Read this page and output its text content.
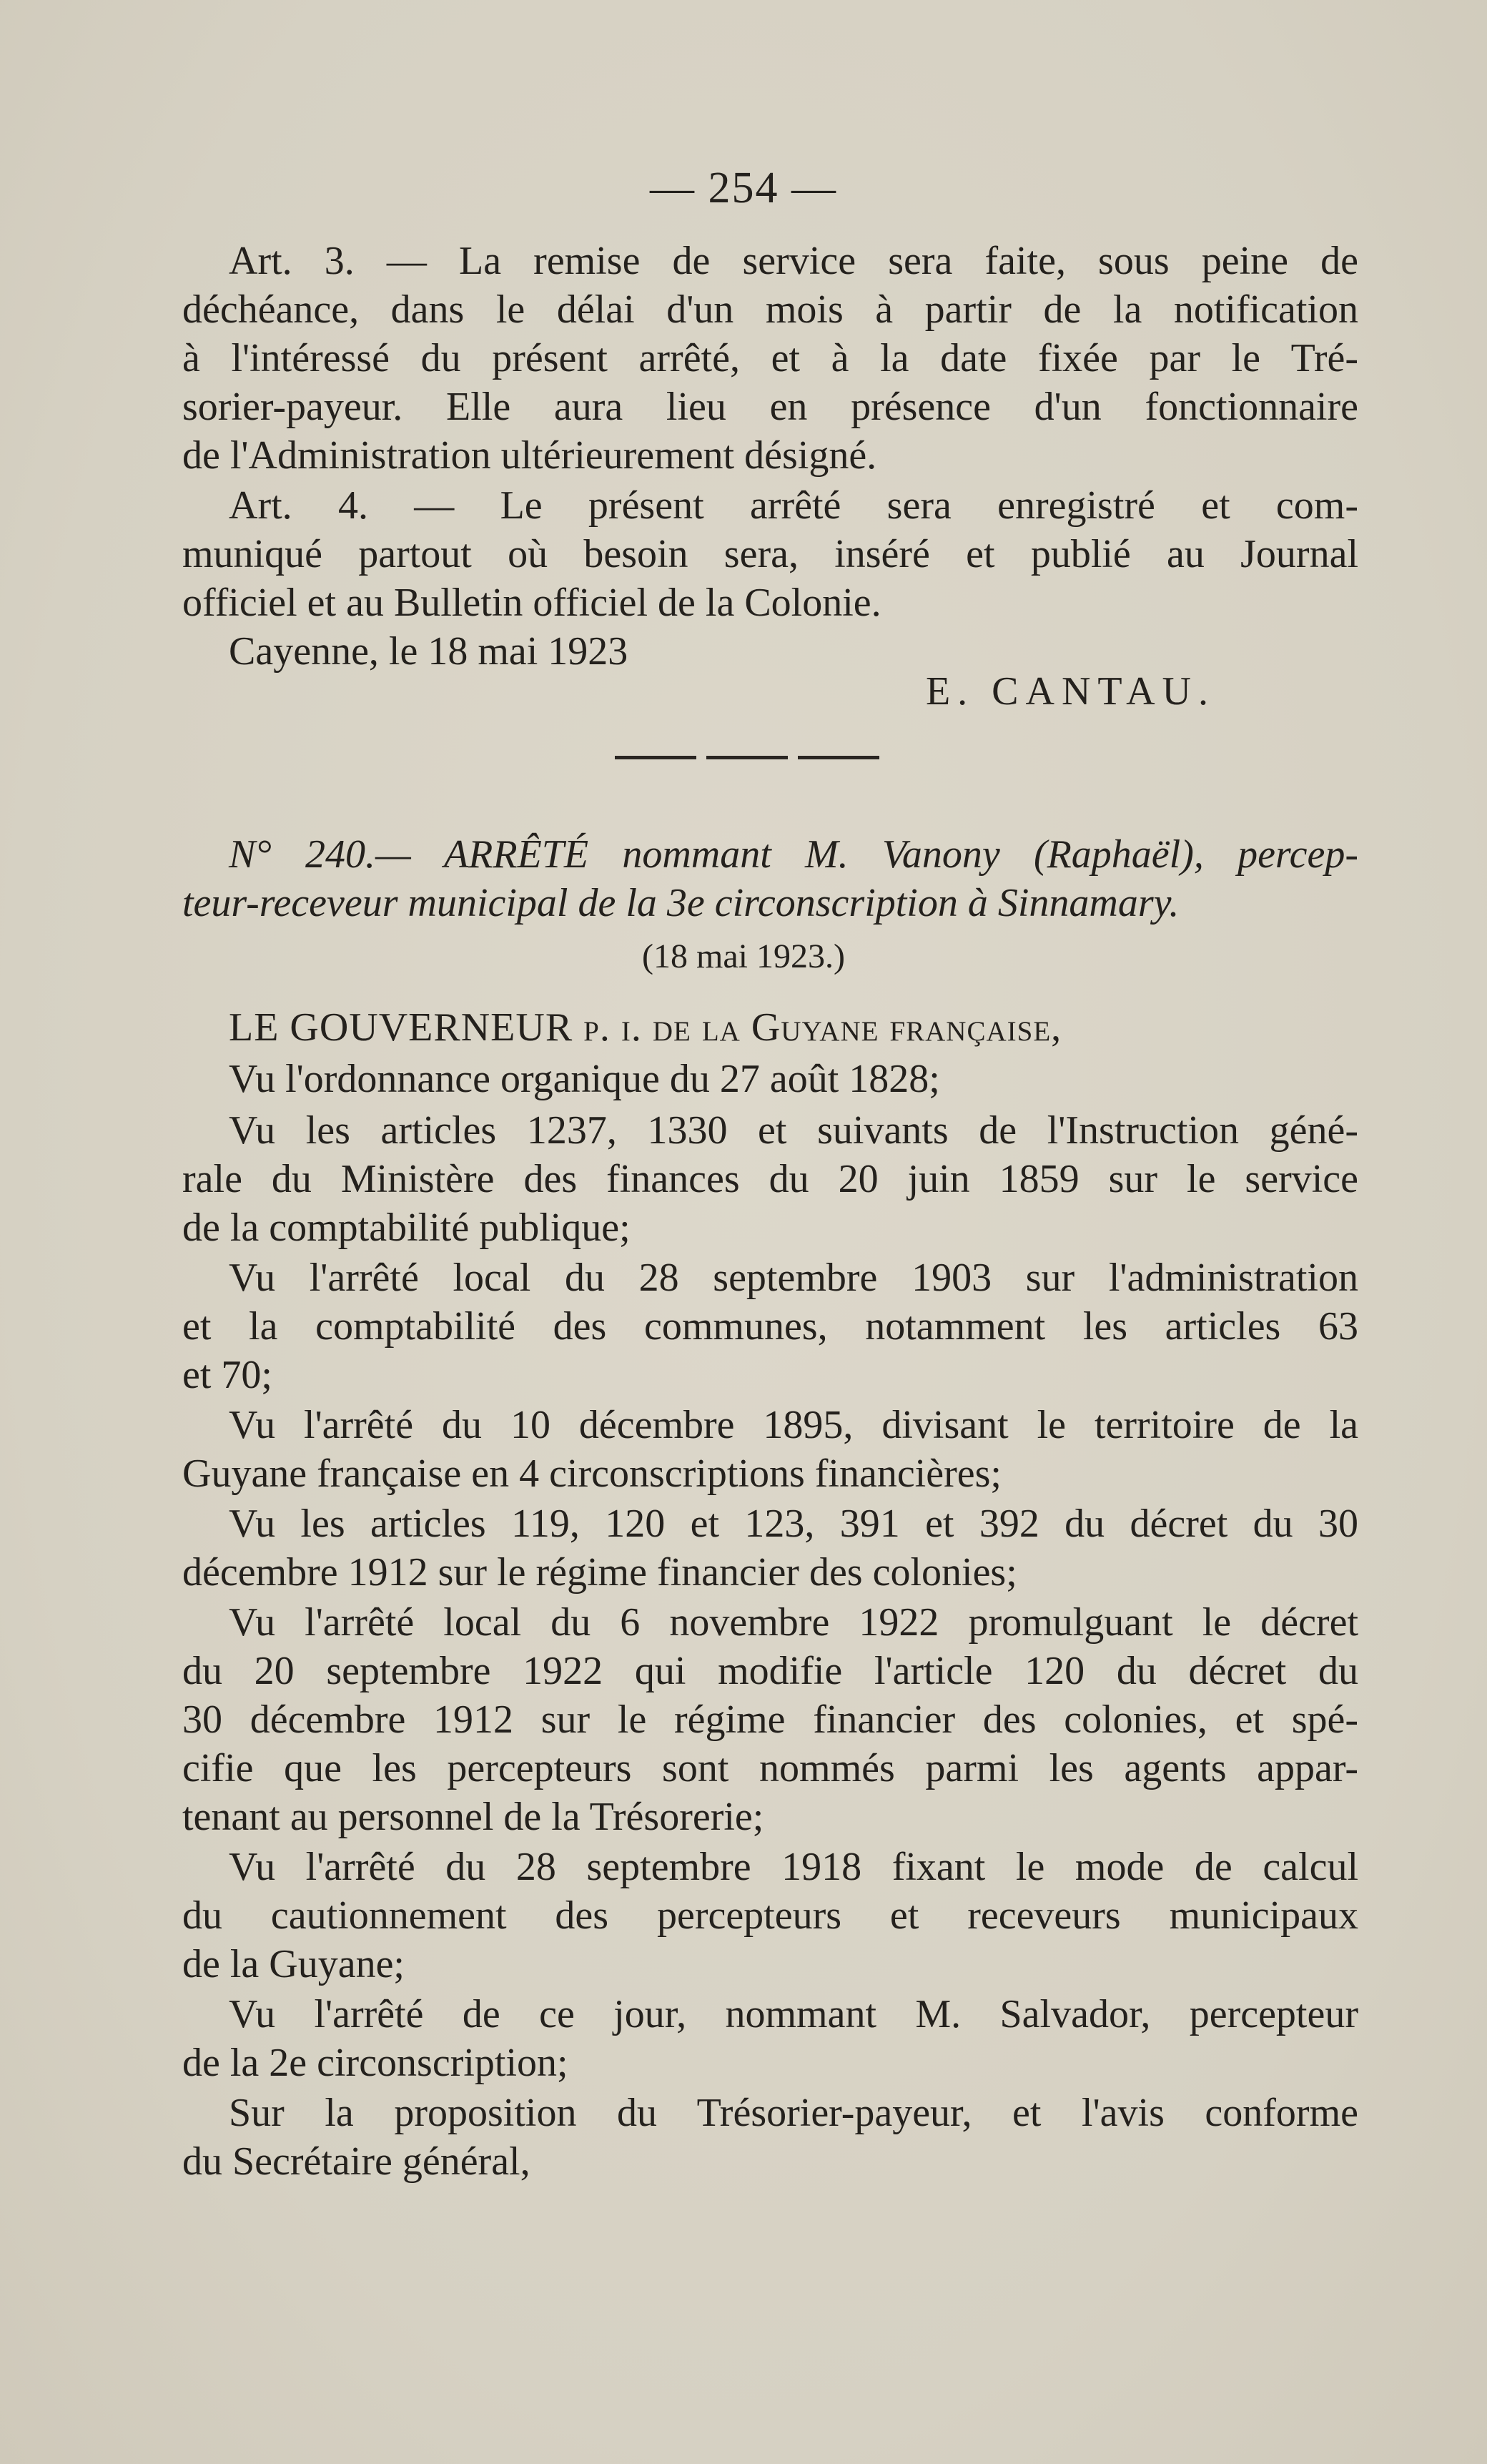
— 254 —
Art. 3. — La remise de service sera faite, sous peine de
déchéance, dans le délai d'un mois à partir de la notification
à l'intéressé du présent arrêté, et à la date fixée par le Tré-
sorier-payeur. Elle aura lieu en présence d'un fonctionnaire
de l'Administration ultérieurement désigné.
Art. 4. — Le présent arrêté sera enregistré et com-
muniqué partout où besoin sera, inséré et publié au Journal
officiel et au Bulletin officiel de la Colonie.
Cayenne, le 18 mai 1923
E. CANTAU.
N° 240.— ARRÊTÉ nommant M. Vanony (Raphaël), percep-
teur-receveur municipal de la 3e circonscription à Sinnamary.
(18 mai 1923.)
LE GOUVERNEUR p. i. de la Guyane française,
Vu l'ordonnance organique du 27 août 1828;
Vu les articles 1237, 1330 et suivants de l'Instruction géné-
rale du Ministère des finances du 20 juin 1859 sur le service
de la comptabilité publique;
Vu l'arrêté local du 28 septembre 1903 sur l'administration
et la comptabilité des communes, notamment les articles 63
et 70;
Vu l'arrêté du 10 décembre 1895, divisant le territoire de la
Guyane française en 4 circonscriptions financières;
Vu les articles 119, 120 et 123, 391 et 392 du décret du 30
décembre 1912 sur le régime financier des colonies;
Vu l'arrêté local du 6 novembre 1922 promulguant le décret
du 20 septembre 1922 qui modifie l'article 120 du décret du
30 décembre 1912 sur le régime financier des colonies, et spé-
cifie que les percepteurs sont nommés parmi les agents appar-
tenant au personnel de la Trésorerie;
Vu l'arrêté du 28 septembre 1918 fixant le mode de calcul
du cautionnement des percepteurs et receveurs municipaux
de la Guyane;
Vu l'arrêté de ce jour, nommant M. Salvador, percepteur
de la 2e circonscription;
Sur la proposition du Trésorier-payeur, et l'avis conforme
du Secrétaire général,
